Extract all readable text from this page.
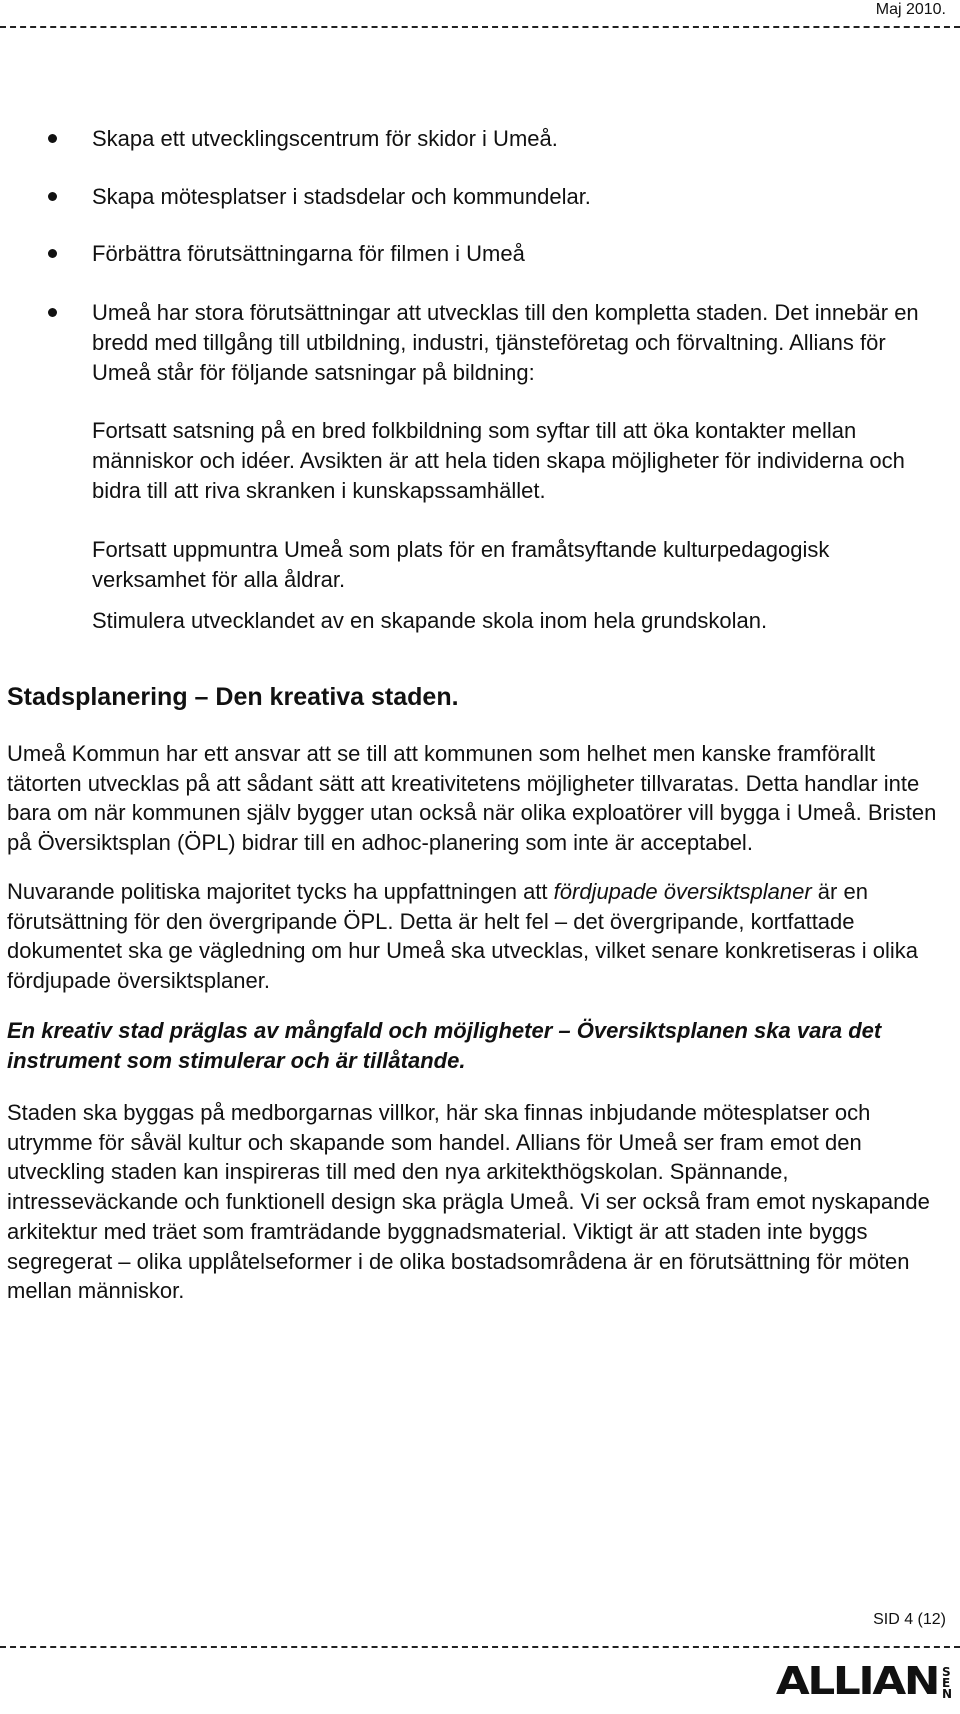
Maj 2010.
Skapa ett utvecklingscentrum för skidor i Umeå.
Skapa mötesplatser i stadsdelar och kommundelar.
Förbättra förutsättningarna för filmen i Umeå
Umeå har stora förutsättningar att utvecklas till den kompletta staden. Det innebär en bredd med tillgång till utbildning, industri, tjänsteföretag och förvaltning. Allians för Umeå står för följande satsningar på bildning:
Fortsatt satsning på en bred folkbildning som syftar till att öka kontakter mellan människor och idéer. Avsikten är att hela tiden skapa möjligheter för individerna och bidra till att riva skranken i kunskapssamhället.
Fortsatt uppmuntra Umeå som plats för en framåtsyftande kulturpedagogisk verksamhet för alla åldrar.
Stimulera utvecklandet av en skapande skola inom hela grundskolan.
Stadsplanering – Den kreativa staden.
Umeå Kommun har ett ansvar att se till att kommunen som helhet men kanske framförallt tätorten utvecklas på att sådant sätt att kreativitetens möjligheter tillvaratas. Detta handlar inte bara om när kommunen själv bygger utan också när olika exploatörer vill bygga i Umeå. Bristen på Översiktsplan (ÖPL) bidrar till en adhoc-planering som inte är acceptabel.
Nuvarande politiska majoritet tycks ha uppfattningen att fördjupade översiktsplaner är en förutsättning för den övergripande ÖPL. Detta är helt fel – det övergripande, kortfattade dokumentet ska ge vägledning om hur Umeå ska utvecklas, vilket senare konkretiseras i olika fördjupade översiktsplaner.
En kreativ stad präglas av mångfald och möjligheter – Översiktsplanen ska vara det instrument som stimulerar och är tillåtande.
Staden ska byggas på medborgarnas villkor, här ska finnas inbjudande mötesplatser och utrymme för såväl kultur och skapande som handel. Allians för Umeå ser fram emot den utveckling staden kan inspireras till med den nya arkitekthögskolan. Spännande, intresseväckande och funktionell design ska prägla Umeå. Vi ser också fram emot nyskapande arkitektur med träet som framträdande byggnadsmaterial. Viktigt är att staden inte byggs segregerat – olika upplåtelseformer i de olika bostadsområdena är en förutsättning för möten mellan människor.
SID 4 (12)
ALLIAN S
E
N
